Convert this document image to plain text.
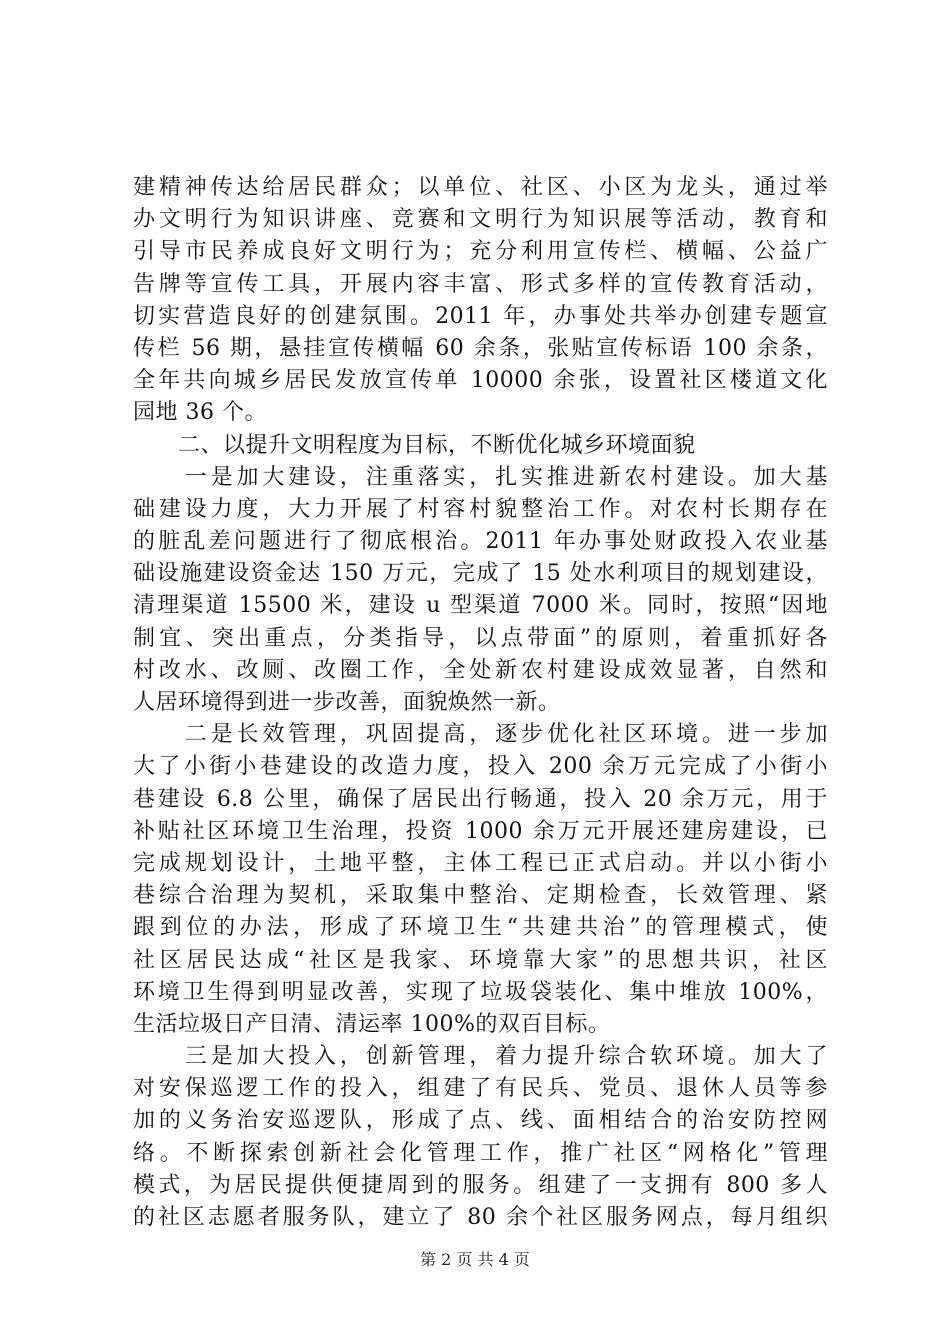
建精神传达给居民群众；以单位、社区、小区为龙头，通过举
办文明行为知识讲座、竞赛和文明行为知识展等活动，教育和
引导市民养成良好文明行为；充分利用宣传栏、横幅、公益广
告牌等宣传工具，开展内容丰富、形式多样的宣传教育活动，
切实营造良好的创建氛围。2011 年，办事处共举办创建专题宣
传栏 56 期，悬挂宣传横幅 60 余条，张贴宣传标语 100 余条，
全年共向城乡居民发放宣传单 10000 余张，设置社区楼道文化
园地 36 个。

　　二、以提升文明程度为目标，不断优化城乡环境面貌

　　一是加大建设，注重落实，扎实推进新农村建设。加大基
础建设力度，大力开展了村容村貌整治工作。对农村长期存在
的脏乱差问题进行了彻底根治。2011 年办事处财政投入农业基
础设施建设资金达 150 万元，完成了 15 处水利项目的规划建设，
清理渠道 15500 米，建设 u 型渠道 7000 米。同时，按照“因地
制宜、突出重点，分类指导，以点带面”的原则，着重抓好各
村改水、改厕、改圈工作，全处新农村建设成效显著，自然和
人居环境得到进一步改善，面貌焕然一新。

　　二是长效管理，巩固提高，逐步优化社区环境。进一步加
大了小街小巷建设的改造力度，投入 200 余万元完成了小街小
巷建设 6.8 公里，确保了居民出行畅通，投入 20 余万元，用于
补贴社区环境卫生治理，投资 1000 余万元开展还建房建设，已
完成规划设计，土地平整，主体工程已正式启动。并以小街小
巷综合治理为契机，采取集中整治、定期检查，长效管理、紧
跟到位的办法，形成了环境卫生“共建共治”的管理模式，使
社区居民达成“社区是我家、环境靠大家”的思想共识，社区
环境卫生得到明显改善，实现了垃圾袋装化、集中堆放 100%，
生活垃圾日产日清、清运率 100%的双百目标。

　　三是加大投入，创新管理，着力提升综合软环境。加大了
对安保巡逻工作的投入，组建了有民兵、党员、退休人员等参
加的义务治安巡逻队，形成了点、线、面相结合的治安防控网
络。不断探索创新社会化管理工作，推广社区“网格化”管理
模式，为居民提供便捷周到的服务。组建了一支拥有 800 多人
的社区志愿者服务队，建立了 80 余个社区服务网点，每月组织

第 2 页 共 4 页
